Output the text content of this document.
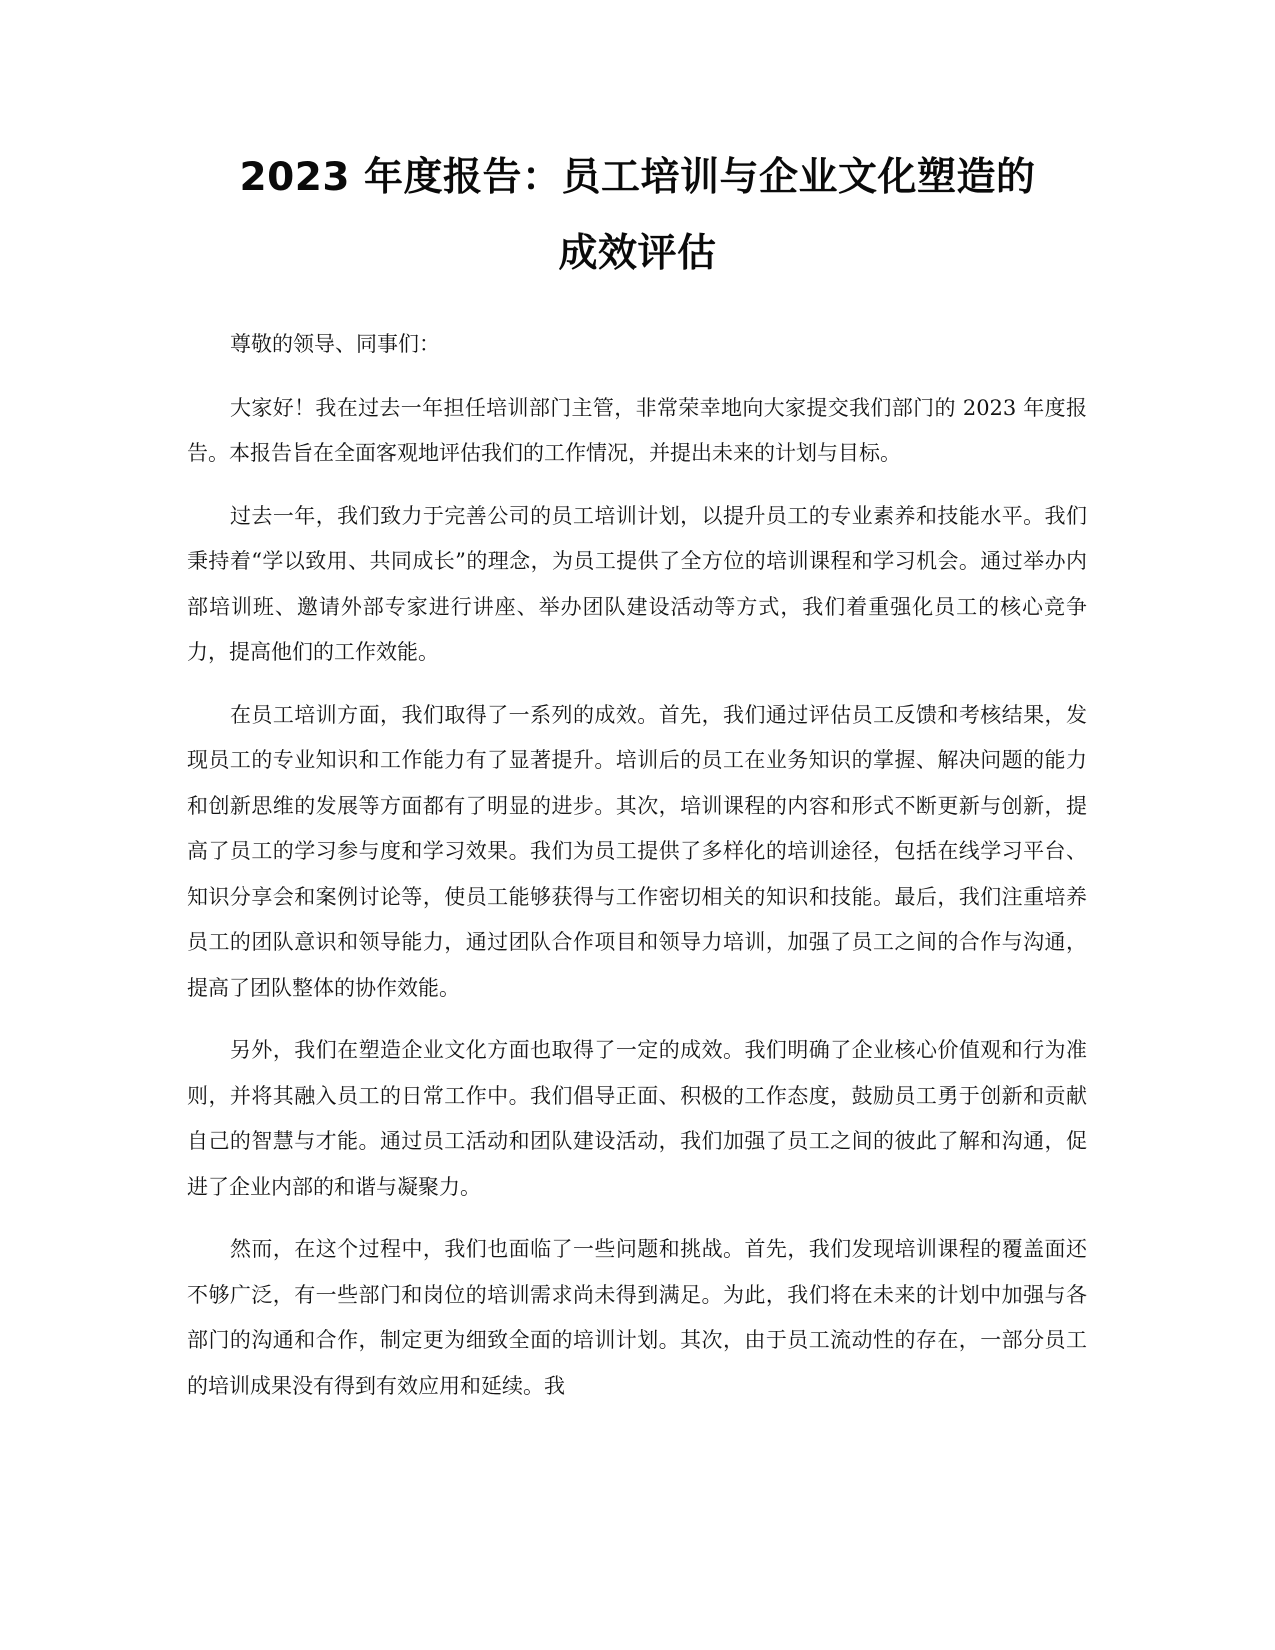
2023 年度报告：员工培训与企业文化塑造的
成效评估

尊敬的领导、同事们：

大家好！我在过去一年担任培训部门主管，非常荣幸地向大家提交我们部门的 2023 年度报告。本报告旨在全面客观地评估我们的工作情况，并提出未来的计划与目标。

过去一年，我们致力于完善公司的员工培训计划，以提升员工的专业素养和技能水平。我们秉持着“学以致用、共同成长”的理念，为员工提供了全方位的培训课程和学习机会。通过举办内部培训班、邀请外部专家进行讲座、举办团队建设活动等方式，我们着重强化员工的核心竞争力，提高他们的工作效能。

在员工培训方面，我们取得了一系列的成效。首先，我们通过评估员工反馈和考核结果，发现员工的专业知识和工作能力有了显著提升。培训后的员工在业务知识的掌握、解决问题的能力和创新思维的发展等方面都有了明显的进步。其次，培训课程的内容和形式不断更新与创新，提高了员工的学习参与度和学习效果。我们为员工提供了多样化的培训途径，包括在线学习平台、知识分享会和案例讨论等，使员工能够获得与工作密切相关的知识和技能。最后，我们注重培养员工的团队意识和领导能力，通过团队合作项目和领导力培训，加强了员工之间的合作与沟通，提高了团队整体的协作效能。

另外，我们在塑造企业文化方面也取得了一定的成效。我们明确了企业核心价值观和行为准则，并将其融入员工的日常工作中。我们倡导正面、积极的工作态度，鼓励员工勇于创新和贡献自己的智慧与才能。通过员工活动和团队建设活动，我们加强了员工之间的彼此了解和沟通，促进了企业内部的和谐与凝聚力。

然而，在这个过程中，我们也面临了一些问题和挑战。首先，我们发现培训课程的覆盖面还不够广泛，有一些部门和岗位的培训需求尚未得到满足。为此，我们将在未来的计划中加强与各部门的沟通和合作，制定更为细致全面的培训计划。其次，由于员工流动性的存在，一部分员工的培训成果没有得到有效应用和延续。我
